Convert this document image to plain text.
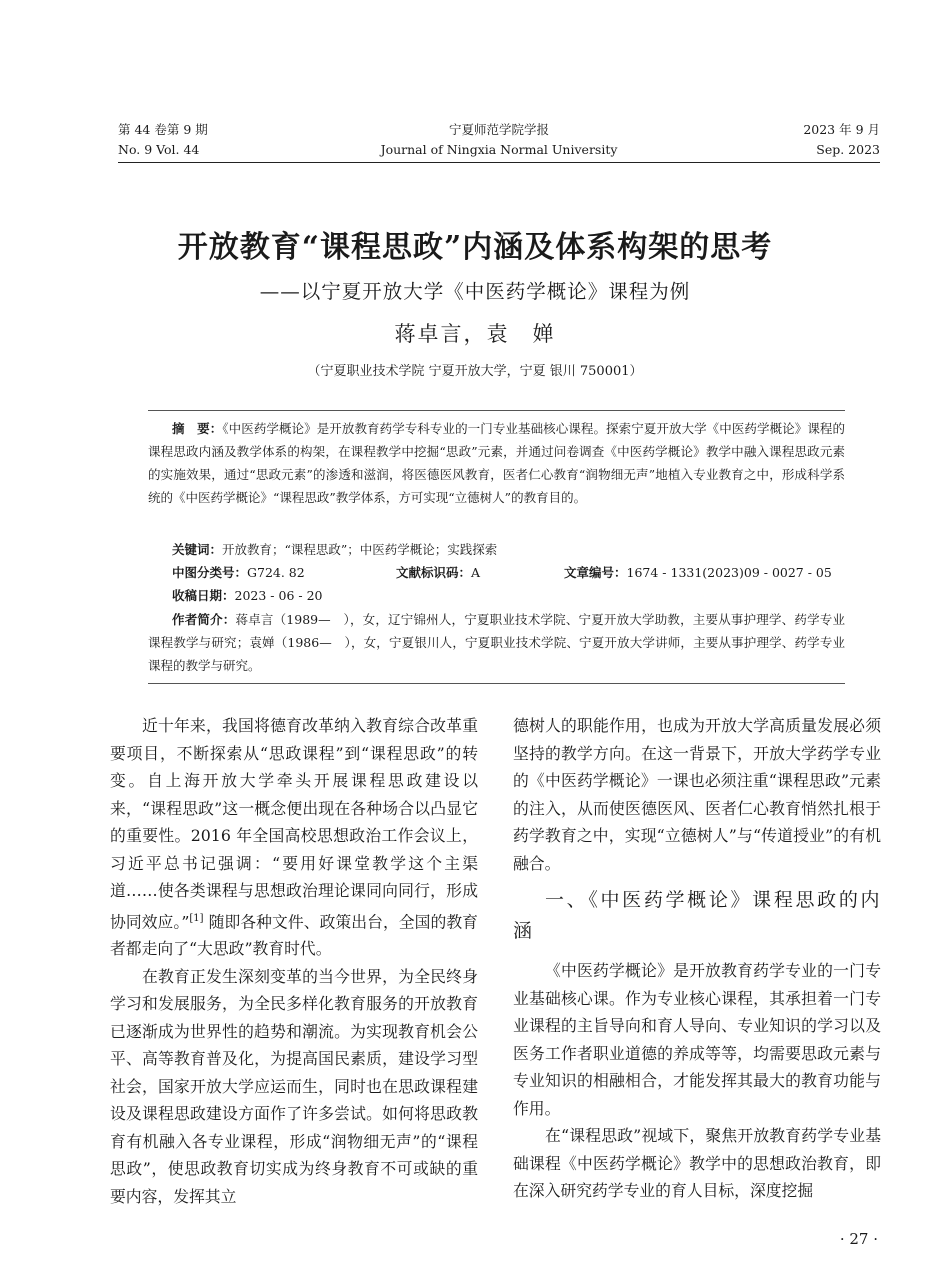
第 44 卷第 9 期
No. 9 Vol. 44
宁夏师范学院学报
Journal of Ningxia Normal University
2023 年 9 月
Sep. 2023
开放教育“课程思政”内涵及体系构架的思考
——以宁夏开放大学《中医药学概论》课程为例
蒋卓言，袁　婵
（宁夏职业技术学院 宁夏开放大学，宁夏 银川 750001）

摘　要：《中医药学概论》是开放教育药学专科专业的一门专业基础核心课程。探索宁夏开放大学《中医药学概论》课程的课程思政内涵及教学体系的构架，在课程教学中挖掘“思政”元素，并通过问卷调查《中医药学概论》教学中融入课程思政元素的实施效果，通过“思政元素”的渗透和滋润，将医德医风教育，医者仁心教育“润物细无声”地植入专业教育之中，形成科学系统的《中医药学概论》“课程思政”教学体系，方可实现“立德树人”的教育目的。

关键词：开放教育；“课程思政”；中医药学概论；实践探索
中图分类号：G724. 82	文献标识码：A	文章编号：1674 - 1331(2023)09 - 0027 - 05
收稿日期：2023 - 06 - 20
作者简介：蒋卓言（1989—　），女，辽宁锦州人，宁夏职业技术学院、宁夏开放大学助教，主要从事护理学、药学专业课程教学与研究；袁婵（1986—　），女，宁夏银川人，宁夏职业技术学院、宁夏开放大学讲师，主要从事护理学、药学专业课程的教学与研究。

近十年来，我国将德育改革纳入教育综合改革重要项目，不断探索从“思政课程”到“课程思政”的转变。自上海开放大学牵头开展课程思政建设以来，“课程思政”这一概念便出现在各种场合以凸显它的重要性。2016 年全国高校思想政治工作会议上，习近平总书记强调：“要用好课堂教学这个主渠道……使各类课程与思想政治理论课同向同行，形成协同效应。”[1] 随即各种文件、政策出台，全国的教育者都走向了“大思政”教育时代。

在教育正发生深刻变革的当今世界，为全民终身学习和发展服务，为全民多样化教育服务的开放教育已逐渐成为世界性的趋势和潮流。为实现教育机会公平、高等教育普及化，为提高国民素质，建设学习型社会，国家开放大学应运而生，同时也在思政课程建设及课程思政建设方面作了许多尝试。如何将思政教育有机融入各专业课程，形成“润物细无声”的“课程思政”，使思政教育切实成为终身教育不可或缺的重要内容，发挥其立

德树人的职能作用，也成为开放大学高质量发展必须坚持的教学方向。在这一背景下，开放大学药学专业的《中医药学概论》一课也必须注重“课程思政”元素的注入，从而使医德医风、医者仁心教育悄然扎根于药学教育之中，实现“立德树人”与“传道授业”的有机融合。

一、《中医药学概论》课程思政的内涵

《中医药学概论》是开放教育药学专业的一门专业基础核心课。作为专业核心课程，其承担着一门专业课程的主旨导向和育人导向、专业知识的学习以及医务工作者职业道德的养成等等，均需要思政元素与专业知识的相融相合，才能发挥其最大的教育功能与作用。

在“课程思政”视域下，聚焦开放教育药学专业基础课程《中医药学概论》教学中的思想政治教育，即在深入研究药学专业的育人目标，深度挖掘

· 27 ·
